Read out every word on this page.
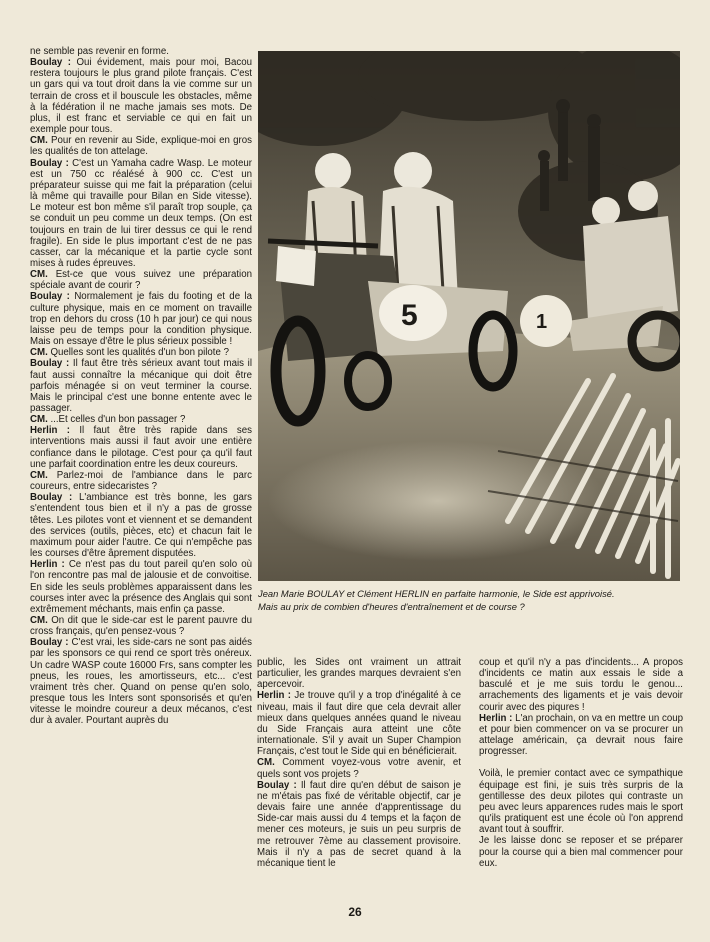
ne semble pas revenir en forme.

Boulay : Oui évidement, mais pour moi, Bacou restera toujours le plus grand pilote français. C'est un gars qui va tout droit dans la vie comme sur un terrain de cross et il bouscule les obstacles, même à la fédération il ne mache jamais ses mots. De plus, il est franc et serviable ce qui en fait un exemple pour tous.

CM. Pour en revenir au Side, explique-moi en gros les qualités de ton attelage.

Boulay : C'est un Yamaha cadre Wasp. Le moteur est un 750 cc réalésé à 900 cc. C'est un préparateur suisse qui me fait la préparation (celui là même qui travaille pour Bilan en Side vitesse). Le moteur est bon même s'il paraît trop souple, ça se conduit un peu comme un deux temps. (On est toujours en train de lui tirer dessus ce qui le rend fragile). En side le plus important c'est de ne pas casser, car la mécanique et la partie cycle sont mises à rudes épreuves.

CM. Est-ce que vous suivez une préparation spéciale avant de courir ?

Boulay : Normalement je fais du footing et de la culture physique, mais en ce moment on travaille trop en dehors du cross (10 h par jour) ce qui nous laisse peu de temps pour la condition physique. Mais on essaye d'être le plus sérieux possible !

CM. Quelles sont les qualités d'un bon pilote ?

Boulay : Il faut être très sérieux avant tout mais il faut aussi connaître la mécanique qui doit être parfois ménagée si on veut terminer la course. Mais le principal c'est une bonne entente avec le passager.

CM. ...Et celles d'un bon passager ?

Herlin : Il faut être très rapide dans ses interventions mais aussi il faut avoir une entière confiance dans le pilotage. C'est pour ça qu'il faut une parfait coordination entre les deux coureurs.

CM. Parlez-moi de l'ambiance dans le parc coureurs, entre sidecaristes ?

Boulay : L'ambiance est très bonne, les gars s'entendent tous bien et il n'y a pas de grosse têtes. Les pilotes vont et viennent et se demandent des services (outils, pièces, etc) et chacun fait le maximum pour aider l'autre. Ce qui n'empêche pas les courses d'être âprement disputées.

Herlin : Ce n'est pas du tout pareil qu'en solo où l'on rencontre pas mal de jalousie et de convoitise. En side les seuls problèmes apparaissent dans les courses inter avec la présence des Anglais qui sont extrêmement méchants, mais enfin ça passe.

CM. On dit que le side-car est le parent pauvre du cross français, qu'en pensez-vous ?

Boulay : C'est vrai, les side-cars ne sont pas aidés par les sponsors ce qui rend ce sport très onéreux. Un cadre WASP coute 16000 Frs, sans compter les pneus, les roues, les amortisseurs, etc... c'est vraiment très cher. Quand on pense qu'en solo, presque tous les Inters sont sponsorisés et qu'en vitesse le moindre coureur a deux mécanos, c'est dur à avaler. Pourtant auprès du

1
5
Jean Marie BOULAY et Clément HERLIN en parfaite harmonie, le Side est apprivoisé.
Mais au prix de combien d'heures d'entraînement et de course ?

public, les Sides ont vraiment un attrait particulier, les grandes marques devraient s'en apercevoir.

Herlin : Je trouve qu'il y a trop d'inégalité à ce niveau, mais il faut dire que cela devrait aller mieux dans quelques années quand le niveau du Side Français aura atteint une côte internationale. S'il y avait un Super Champion Français, c'est tout le Side qui en bénéficierait.

CM. Comment voyez-vous votre avenir, et quels sont vos projets ?

Boulay : Il faut dire qu'en début de saison je ne m'étais pas fixé de véritable objectif, car je devais faire une année d'apprentissage du Side-car mais aussi du 4 temps et la façon de mener ces moteurs, je suis un peu surpris de me retrouver 7ème au classement provisoire. Mais il n'y a pas de secret quand à la mécanique tient le

coup et qu'il n'y a pas d'incidents... A propos d'incidents ce matin aux essais le side a basculé et je me suis tordu le genou... arrachements des ligaments et je vais devoir courir avec des piqures !

Herlin : L'an prochain, on va en mettre un coup et pour bien commencer on va se procurer un attelage américain, ça devrait nous faire progresser.

Voilà, le premier contact avec ce sympathique équipage est fini, je suis très surpris de la gentillesse des deux pilotes qui contraste un peu avec leurs apparences rudes mais le sport qu'ils pratiquent est une école où l'on apprend avant tout à souffrir.

Je les laisse donc se reposer et se préparer pour la course qui a bien mal commencer pour eux.

26
